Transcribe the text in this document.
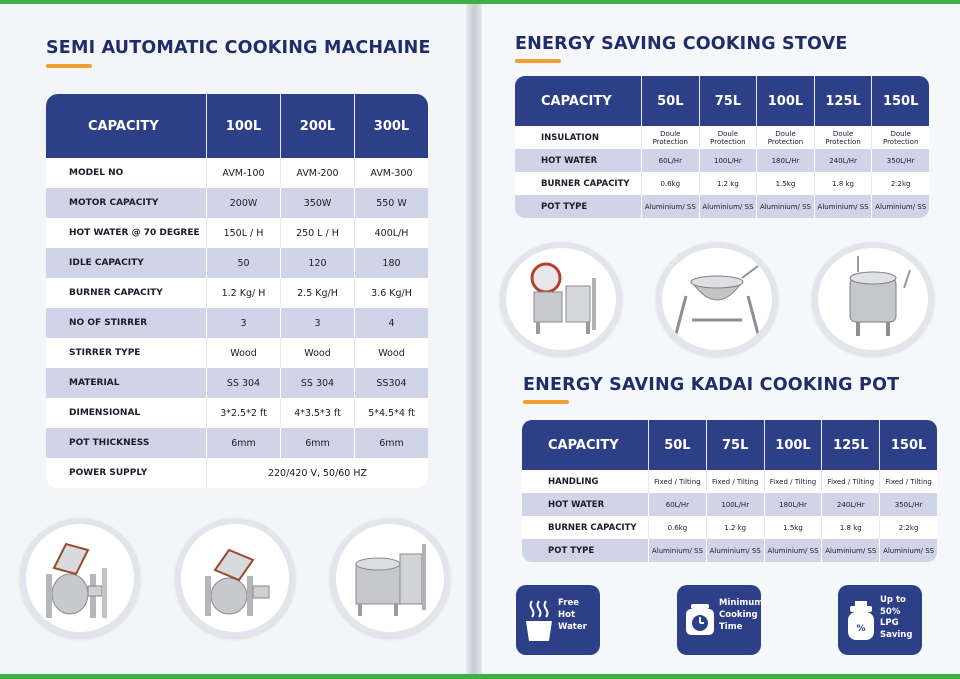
SEMI AUTOMATIC COOKING MACHAINE
CAPACITY	100L	200L	300L
MODEL NO	AVM-100	AVM-200	AVM-300
MOTOR CAPACITY	200W	350W	550 W
HOT WATER @ 70 DEGREE	150L / H	250 L / H	400L/H
IDLE CAPACITY	50	120	180
BURNER CAPACITY	1.2 Kg/ H	2.5 Kg/H	3.6 Kg/H
NO OF STIRRER	3	3	4
STIRRER TYPE	Wood	Wood	Wood
MATERIAL	SS 304	SS 304	SS304
DIMENSIONAL	3*2.5*2 ft	4*3.5*3 ft	5*4.5*4 ft
POT THICKNESS	6mm	6mm	6mm
POWER SUPPLY	220/420 V, 50/60 HZ		
ENERGY SAVING COOKING STOVE
CAPACITY	50L	75L	100L	125L	150L
INSULATION	Doule Protection	Doule Protection	Doule Protection	Doule Protection	Doule Protection
HOT WATER	60L/Hr	100L/Hr	180L/Hr	240L/Hr	350L/Hr
BURNER CAPACITY	0.6kg	1.2 kg	1.5kg	1.8 kg	2.2kg
POT TYPE	Aluminium/ SS	Aluminium/ SS	Aluminium/ SS	Aluminium/ SS	Aluminium/ SS
ENERGY SAVING KADAI COOKING POT
CAPACITY	50L	75L	100L	125L	150L
HANDLING	Fixed / Tilting	Fixed / Tilting	Fixed / Tilting	Fixed / Tilting	Fixed / Tilting
HOT WATER	60L/Hr	100L/Hr	180L/Hr	240L/Hr	350L/Hr
BURNER CAPACITY	0.6kg	1.2 kg	1.5kg	1.8 kg	2.2kg
POT TYPE	Aluminium/ SS	Aluminium/ SS	Aluminium/ SS	Aluminium/ SS	Aluminium/ SS
Free
Hot
Water
Minimum
Cooking
Time	%
Up to
50%
LPG
Saving
